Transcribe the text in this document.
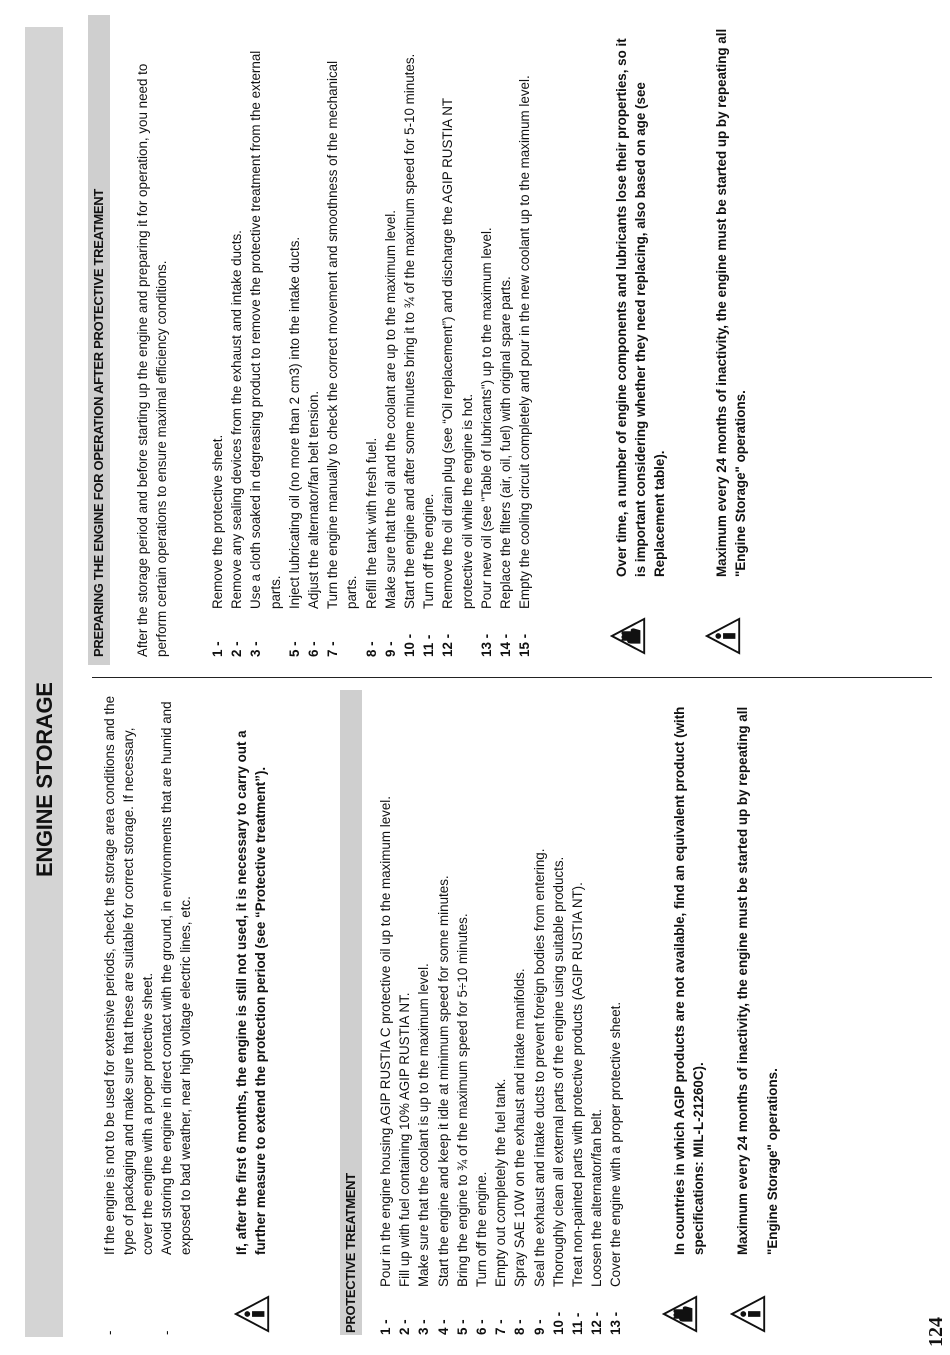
ENGINE STORAGE
-
If the engine is not to be used for extensive periods, check the storage area conditions and the type of packaging and make sure that these are suitable for correct storage. If necessary, cover the engine with a proper protective sheet.
-
Avoid storing the engine in direct contact with the ground, in environments that are humid and exposed to bad weather, near high voltage electric lines, etc.	If, after the first 6 months, the engine is still not used, it is necessary to carry out a further measure to extend the protection period (see “Protective treatment”).	PROTECTIVE TREATMENT 1 -
Pour in the engine housing AGIP RUSTIA C protective oil up to the maximum level.
2 -
Fill up with fuel containing 10% AGIP RUSTIA NT.
3 -
Make sure that the coolant is up to the maximum level.
4 -
Start the engine and keep it idle at minimum speed for some minutes.
5 -
Bring the engine to ¾ of the maximum speed for 5÷10 minutes.
6 -
Turn off the engine.
7 -
Empty out completely the fuel tank.
8 -
Spray SAE 10W on the exhaust and intake manifolds.
9 -
Seal the exhaust and intake ducts to prevent foreign bodies from entering.
10 -
Thoroughly clean all external parts of the engine using suitable products.
11 -
Treat non-painted parts with protective products (AGIP RUSTIA NT).
12 -
Loosen the alternator/fan belt.
13 -
Cover the engine with a proper protective sheet.	In countries in which AGIP products are not available, find an equivalent product (with specifications: MIL-L-21260C).	Maximum every 24 months of inactivity, the engine must be started up by repeating all "Engine Storage" operations.
PREPARING THE ENGINE FOR OPERATION AFTER PROTECTIVE TREATMENT After the storage period and before starting up the engine and preparing it for operation, you need to perform certain operations to ensure maximal efficiency conditions.	1 -
Remove the protective sheet.
2 -
Remove any sealing devices from the exhaust and intake ducts.
3 -
Use a cloth soaked in degreasing product to remove the protective treatment from the external parts.
5 -
Inject lubricating oil (no more than 2 cm3) into the intake ducts.
6 -
Adjust the alternator/fan belt tension.
7 -
Turn the engine manually to check the correct movement and smoothness of the mechanical parts.
8 -
Refill the tank with fresh fuel.
9 -
Make sure that the oil and the coolant are up to the maximum level.
10 -
Start the engine and after some minutes bring it to ¾ of the maximum speed for 5-10 minutes.
11 -
Turn off the engine.
12 -
Remove the oil drain plug (see “Oil replacement”) and discharge the AGIP RUSTIA NT protective oil while the engine is hot.
13 -
Pour new oil (see "Table of lubricants") up to the maximum level.
14 -
Replace the filters (air, oil, fuel) with original spare parts.
15 -
Empty the cooling circuit completely and pour in the new coolant up to the maximum level.	Over time, a number of engine components and lubricants lose their properties, so it is important considering whether they need replacing, also based on age (see Replacement table).	Maximum every 24 months of inactivity, the engine must be started up by repeating all "Engine Storage" operations.
124
